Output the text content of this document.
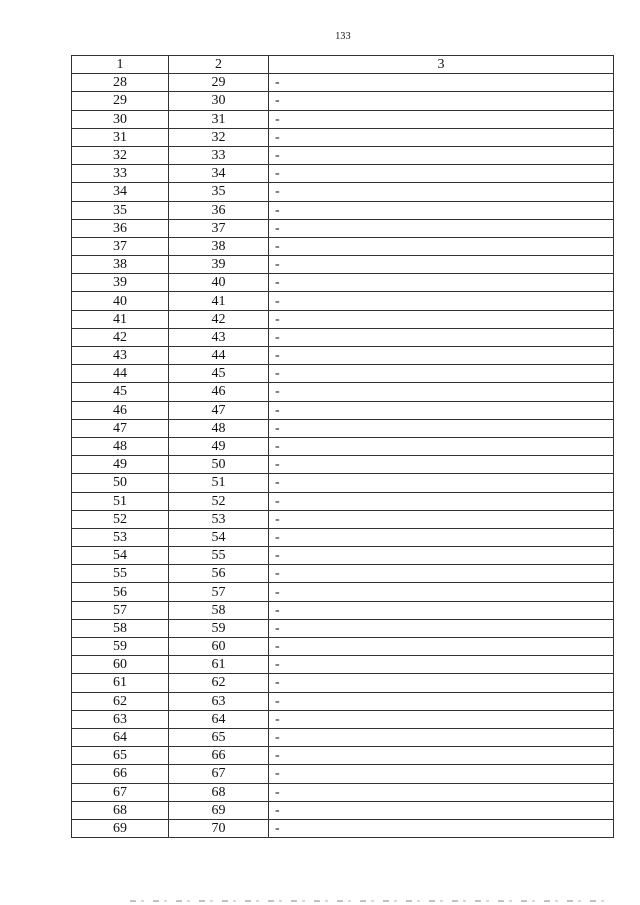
133
1	2	3
28	29	-
29	30	-
30	31	-
31	32	-
32	33	-
33	34	-
34	35	-
35	36	-
36	37	-
37	38	-
38	39	-
39	40	-
40	41	-
41	42	-
42	43	-
43	44	-
44	45	-
45	46	-
46	47	-
47	48	-
48	49	-
49	50	-
50	51	-
51	52	-
52	53	-
53	54	-
54	55	-
55	56	-
56	57	-
57	58	-
58	59	-
59	60	-
60	61	-
61	62	-
62	63	-
63	64	-
64	65	-
65	66	-
66	67	-
67	68	-
68	69	-
69	70	-
